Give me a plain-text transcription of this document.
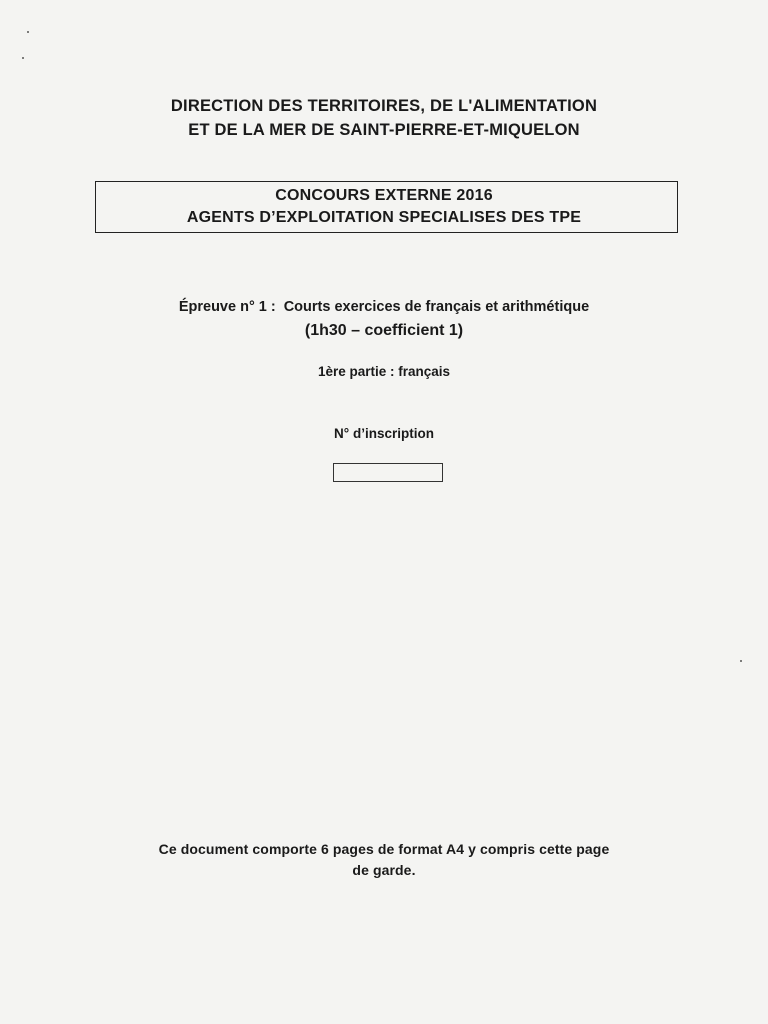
DIRECTION DES TERRITOIRES, DE L'ALIMENTATION
ET DE LA MER DE SAINT-PIERRE-ET-MIQUELON
CONCOURS EXTERNE 2016
AGENTS D’EXPLOITATION SPECIALISES DES TPE
Épreuve n° 1 : Courts exercices de français et arithmétique
(1h30 – coefficient 1)
1ère partie : français
N° d’inscription
Ce document comporte 6 pages de format A4 y compris cette page
de garde.
